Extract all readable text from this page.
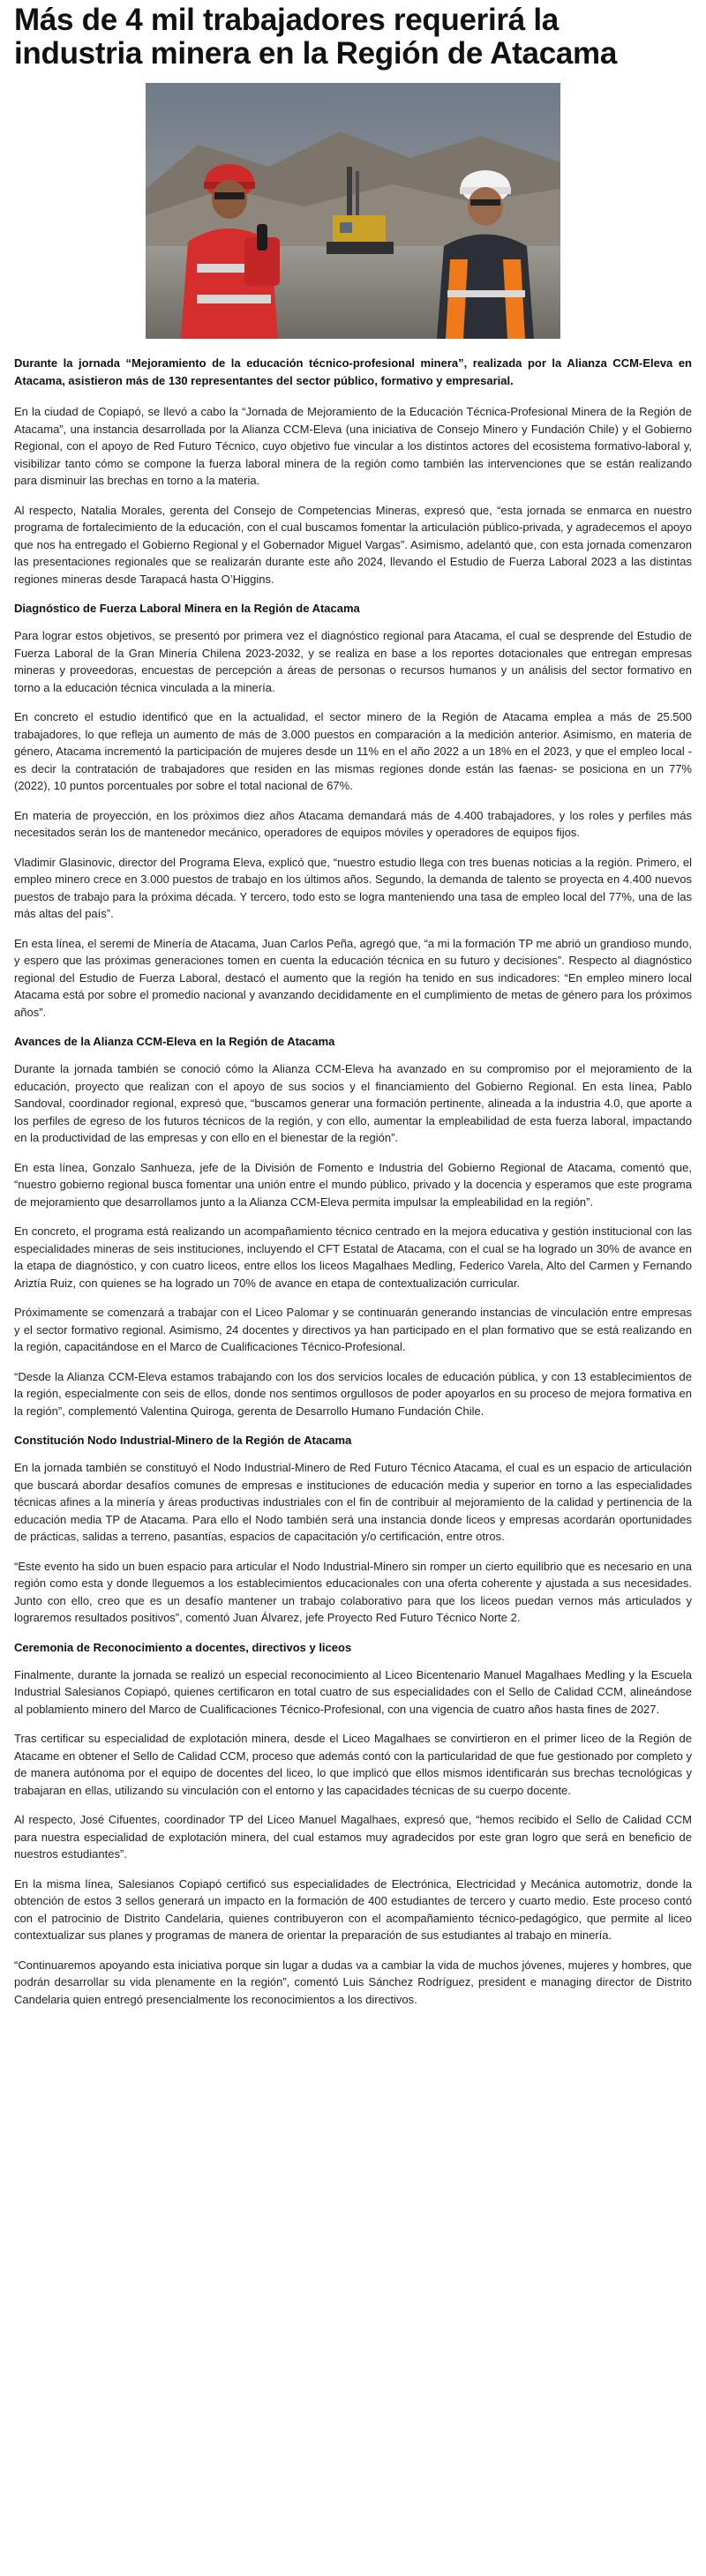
Más de 4 mil trabajadores requerirá la industria minera en la Región de Atacama

Durante la jornada “Mejoramiento de la educación técnico-profesional minera”, realizada por la Alianza CCM-Eleva en Atacama, asistieron más de 130 representantes del sector público, formativo y empresarial.

En la ciudad de Copiapó, se llevó a cabo la “Jornada de Mejoramiento de la Educación Técnica-Profesional Minera de la Región de Atacama”, una instancia desarrollada por la Alianza CCM-Eleva (una iniciativa de Consejo Minero y Fundación Chile) y el Gobierno Regional, con el apoyo de Red Futuro Técnico, cuyo objetivo fue vincular a los distintos actores del ecosistema formativo-laboral y, visibilizar tanto cómo se compone la fuerza laboral minera de la región como también las intervenciones que se están realizando para disminuir las brechas en torno a la materia.

Al respecto, Natalia Morales, gerenta del Consejo de Competencias Mineras, expresó que, “esta jornada se enmarca en nuestro programa de fortalecimiento de la educación, con el cual buscamos fomentar la articulación público-privada, y agradecemos el apoyo que nos ha entregado el Gobierno Regional y el Gobernador Miguel Vargas”. Asimismo, adelantó que, con esta jornada comenzaron las presentaciones regionales que se realizarán durante este año 2024, llevando el Estudio de Fuerza Laboral 2023 a las distintas regiones mineras desde Tarapacá hasta O’Higgins.

Diagnóstico de Fuerza Laboral Minera en la Región de Atacama

Para lograr estos objetivos, se presentó por primera vez el diagnóstico regional para Atacama, el cual se desprende del Estudio de Fuerza Laboral de la Gran Minería Chilena 2023-2032, y se realiza en base a los reportes dotacionales que entregan empresas mineras y proveedoras, encuestas de percepción a áreas de personas o recursos humanos y un análisis del sector formativo en torno a la educación técnica vinculada a la minería.

En concreto el estudio identificó que en la actualidad, el sector minero de la Región de Atacama emplea a más de 25.500 trabajadores, lo que refleja un aumento de más de 3.000 puestos en comparación a la medición anterior. Asimismo, en materia de género, Atacama incrementó la participación de mujeres desde un 11% en el año 2022 a un 18% en el 2023, y que el empleo local -es decir la contratación de trabajadores que residen en las mismas regiones donde están las faenas- se posiciona en un 77% (2022), 10 puntos porcentuales por sobre el total nacional de 67%.

En materia de proyección, en los próximos diez años Atacama demandará más de 4.400 trabajadores, y los roles y perfiles más necesitados serán los de mantenedor mecánico, operadores de equipos móviles y operadores de equipos fijos.

Vladimir Glasinovic, director del Programa Eleva, explicó que, “nuestro estudio llega con tres buenas noticias a la región. Primero, el empleo minero crece en 3.000 puestos de trabajo en los últimos años. Segundo, la demanda de talento se proyecta en 4.400 nuevos puestos de trabajo para la próxima década. Y tercero, todo esto se logra manteniendo una tasa de empleo local del 77%, una de las más altas del país”.

En esta línea, el seremi de Minería de Atacama, Juan Carlos Peña, agregó que, “a mi la formación TP me abrió un grandioso mundo, y espero que las próximas generaciones tomen en cuenta la educación técnica en su futuro y decisiones”. Respecto al diagnóstico regional del Estudio de Fuerza Laboral, destacó el aumento que la región ha tenido en sus indicadores: “En empleo minero local Atacama está por sobre el promedio nacional y avanzando decididamente en el cumplimiento de metas de género para los próximos años”.

Avances de la Alianza CCM-Eleva en la Región de Atacama

Durante la jornada también se conoció cómo la Alianza CCM-Eleva ha avanzado en su compromiso por el mejoramiento de la educación, proyecto que realizan con el apoyo de sus socios y el financiamiento del Gobierno Regional. En esta línea, Pablo Sandoval, coordinador regional, expresó que, “buscamos generar una formación pertinente, alineada a la industria 4.0, que aporte a los perfiles de egreso de los futuros técnicos de la región, y con ello, aumentar la empleabilidad de esta fuerza laboral, impactando en la productividad de las empresas y con ello en el bienestar de la región”.

En esta línea, Gonzalo Sanhueza, jefe de la División de Fomento e Industria del Gobierno Regional de Atacama, comentó que, “nuestro gobierno regional busca fomentar una unión entre el mundo público, privado y la docencia y esperamos que este programa de mejoramiento que desarrollamos junto a la Alianza CCM-Eleva permita impulsar la empleabilidad en la región”.

En concreto, el programa está realizando un acompañamiento técnico centrado en la mejora educativa y gestión institucional con las especialidades mineras de seis instituciones, incluyendo el CFT Estatal de Atacama, con el cual se ha logrado un 30% de avance en la etapa de diagnóstico, y con cuatro liceos, entre ellos los liceos Magalhaes Medling, Federico Varela, Alto del Carmen y Fernando Ariztía Ruiz, con quienes se ha logrado un 70% de avance en etapa de contextualización curricular.

Próximamente se comenzará a trabajar con el Liceo Palomar y se continuarán generando instancias de vinculación entre empresas y el sector formativo regional. Asimismo, 24 docentes y directivos ya han participado en el plan formativo que se está realizando en la región, capacitándose en el Marco de Cualificaciones Técnico-Profesional.

“Desde la Alianza CCM-Eleva estamos trabajando con los dos servicios locales de educación pública, y con 13 establecimientos de la región, especialmente con seis de ellos, donde nos sentimos orgullosos de poder apoyarlos en su proceso de mejora formativa en la región”, complementó Valentina Quiroga, gerenta de Desarrollo Humano Fundación Chile.

Constitución Nodo Industrial-Minero de la Región de Atacama

En la jornada también se constituyó el Nodo Industrial-Minero de Red Futuro Técnico Atacama, el cual es un espacio de articulación que buscará abordar desafíos comunes de empresas e instituciones de educación media y superior en torno a las especialidades técnicas afines a la minería y áreas productivas industriales con el fin de contribuir al mejoramiento de la calidad y pertinencia de la educación media TP de Atacama. Para ello el Nodo también será una instancia donde liceos y empresas acordarán oportunidades de prácticas, salidas a terreno, pasantías, espacios de capacitación y/o certificación, entre otros.

“Este evento ha sido un buen espacio para articular el Nodo Industrial-Minero sin romper un cierto equilibrio que es necesario en una región como esta y donde lleguemos a los establecimientos educacionales con una oferta coherente y ajustada a sus necesidades. Junto con ello, creo que es un desafío mantener un trabajo colaborativo para que los liceos puedan vernos más articulados y lograremos resultados positivos”, comentó Juan Álvarez, jefe Proyecto Red Futuro Técnico Norte 2.

Ceremonia de Reconocimiento a docentes, directivos y liceos

Finalmente, durante la jornada se realizó un especial reconocimiento al Liceo Bicentenario Manuel Magalhaes Medling y la Escuela Industrial Salesianos Copiapó, quienes certificaron en total cuatro de sus especialidades con el Sello de Calidad CCM, alineándose al poblamiento minero del Marco de Cualificaciones Técnico-Profesional, con una vigencia de cuatro años hasta fines de 2027.

Tras certificar su especialidad de explotación minera, desde el Liceo Magalhaes se convirtieron en el primer liceo de la Región de Atacame en obtener el Sello de Calidad CCM, proceso que además contó con la particularidad de que fue gestionado por completo y de manera autónoma por el equipo de docentes del liceo, lo que implicó que ellos mismos identificarán sus brechas tecnológicas y trabajaran en ellas, utilizando su vinculación con el entorno y las capacidades técnicas de su cuerpo docente.

Al respecto, José Cifuentes, coordinador TP del Liceo Manuel Magalhaes, expresó que, “hemos recibido el Sello de Calidad CCM para nuestra especialidad de explotación minera, del cual estamos muy agradecidos por este gran logro que será en beneficio de nuestros estudiantes”.

En la misma línea, Salesianos Copiapó certificó sus especialidades de Electrónica, Electricidad y Mecánica automotriz, donde la obtención de estos 3 sellos generará un impacto en la formación de 400 estudiantes de tercero y cuarto medio. Este proceso contó con el patrocinio de Distrito Candelaria, quienes contribuyeron con el acompañamiento técnico-pedagógico, que permite al liceo contextualizar sus planes y programas de manera de orientar la preparación de sus estudiantes al trabajo en minería.

“Continuaremos apoyando esta iniciativa porque sin lugar a dudas va a cambiar la vida de muchos jóvenes, mujeres y hombres, que podrán desarrollar su vida plenamente en la región”, comentó Luis Sánchez Rodríguez, president e managing director de Distrito Candelaria quien entregó presencialmente los reconocimientos a los directivos.
